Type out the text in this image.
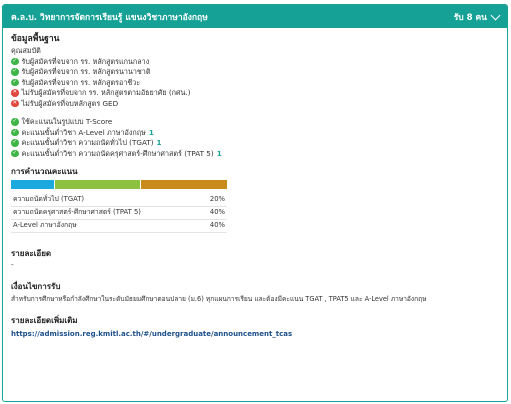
ค.ล.บ. วิทยาการจัดการเรียนรู้ แขนงวิชาภาษาอังกฤษ	รับ 8 คน
ข้อมูลพื้นฐาน
คุณสมบัติ
✓ รับผู้สมัครที่จบจาก รร. หลักสูตรแกนกลาง
✓ รับผู้สมัครที่จบจาก รร. หลักสูตรนานาชาติ
✓ รับผู้สมัครที่จบจาก รร. หลักสูตรอาชีวะ
✕ ไม่รับผู้สมัครที่จบจาก รร. หลักสูตรตามอัธยาศัย (กศน.)
✕ ไม่รับผู้สมัครที่จบหลักสูตร GED
✓ ใช้คะแนนในรูปแบบ T-Score
✓ คะแนนขั้นต่ำวิชา A-Level ภาษาอังกฤษ 1
✓ คะแนนขั้นต่ำวิชา ความถนัดทั่วไป (TGAT) 1
✓ คะแนนขั้นต่ำวิชา ความถนัดครุศาสตร์-ศึกษาศาสตร์ (TPAT 5) 1
การคำนวณคะแนน
ความถนัดทั่วไป (TGAT)	20%
ความถนัดครุศาสตร์-ศึกษาศาสตร์ (TPAT 5)	40%
A-Level ภาษาอังกฤษ	40%
รายละเอียด
-
เงื่อนไขการรับ
สำหรับการศึกษาหรือกำลังศึกษาในระดับมัธยมศึกษาตอนปลาย (ม.6) ทุกแผนการเรียน และต้องมีคะแนน TGAT , TPAT5 และ A-Level ภาษาอังกฤษ
รายละเอียดเพิ่มเติม
https://admission.reg.kmitl.ac.th/#/undergraduate/announcement_tcas
